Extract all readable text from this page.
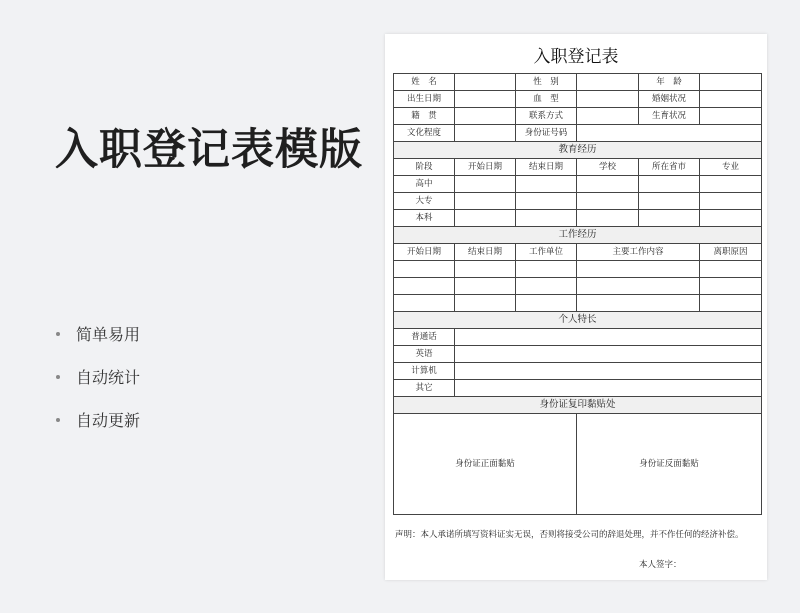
入职登记表模版
简单易用
自动统计
自动更新
入职登记表
姓　名		性　别		年　龄	
出生日期		血　型		婚姻状况	
籍　贯		联系方式		生育状况	
文化程度		身份证号码			
教育经历					
阶段	开始日期	结束日期	学校	所在省市	专业
高中					
大专					
本科					
工作经历					
开始日期	结束日期	工作单位	主要工作内容		离职原因

个人特长					
普通话					
英语					
计算机					
其它					
身份证复印黏贴处					
身份证正面黏贴			身份证反面黏贴		

声明：本人承诺所填写资料证实无误，否则将接受公司的辞退处理，并不作任何的经济补偿。

本人签字：
